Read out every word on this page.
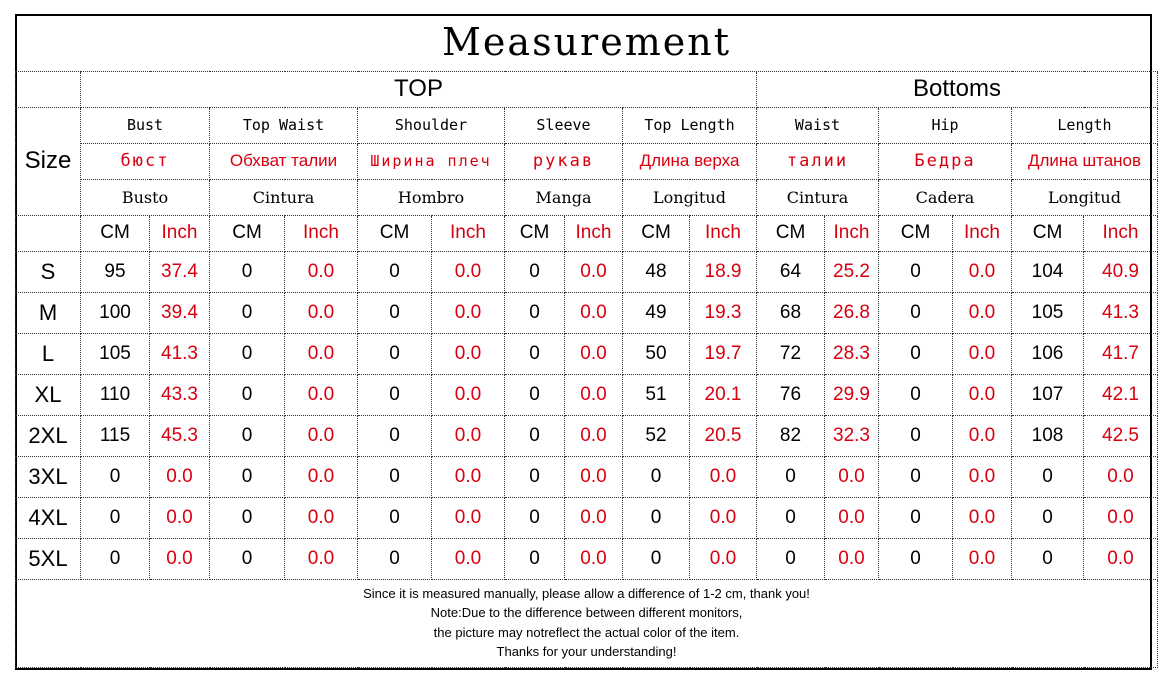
Measurement																
	TOP										Bottoms					
Size	Bust		Top Waist		Shoulder		Sleeve		Top Length		Waist		Hip		Length	
	бюст		Обхват талии		Ширина плеч		рукав		Длина верха		талии		Бедра		Длина штанов	
	Busto		Cintura		Hombro		Manga		Longitud		Cintura		Cadera		Longitud	
	CM	Inch	CM	Inch	CM	Inch	CM	Inch	CM	Inch	CM	Inch	CM	Inch	CM	Inch
S	95	37.4	0	0.0	0	0.0	0	0.0	48	18.9	64	25.2	0	0.0	104	40.9
M	100	39.4	0	0.0	0	0.0	0	0.0	49	19.3	68	26.8	0	0.0	105	41.3
L	105	41.3	0	0.0	0	0.0	0	0.0	50	19.7	72	28.3	0	0.0	106	41.7
XL	110	43.3	0	0.0	0	0.0	0	0.0	51	20.1	76	29.9	0	0.0	107	42.1
2XL	115	45.3	0	0.0	0	0.0	0	0.0	52	20.5	82	32.3	0	0.0	108	42.5
3XL	0	0.0	0	0.0	0	0.0	0	0.0	0	0.0	0	0.0	0	0.0	0	0.0
4XL	0	0.0	0	0.0	0	0.0	0	0.0	0	0.0	0	0.0	0	0.0	0	0.0
5XL	0	0.0	0	0.0	0	0.0	0	0.0	0	0.0	0	0.0	0	0.0	0	0.0

Since it is measured manually, please allow a difference of 1-2 cm, thank you!
Note:Due to the difference between different monitors,
the picture may notreflect the actual color of the item.
Thanks for your understanding!																
